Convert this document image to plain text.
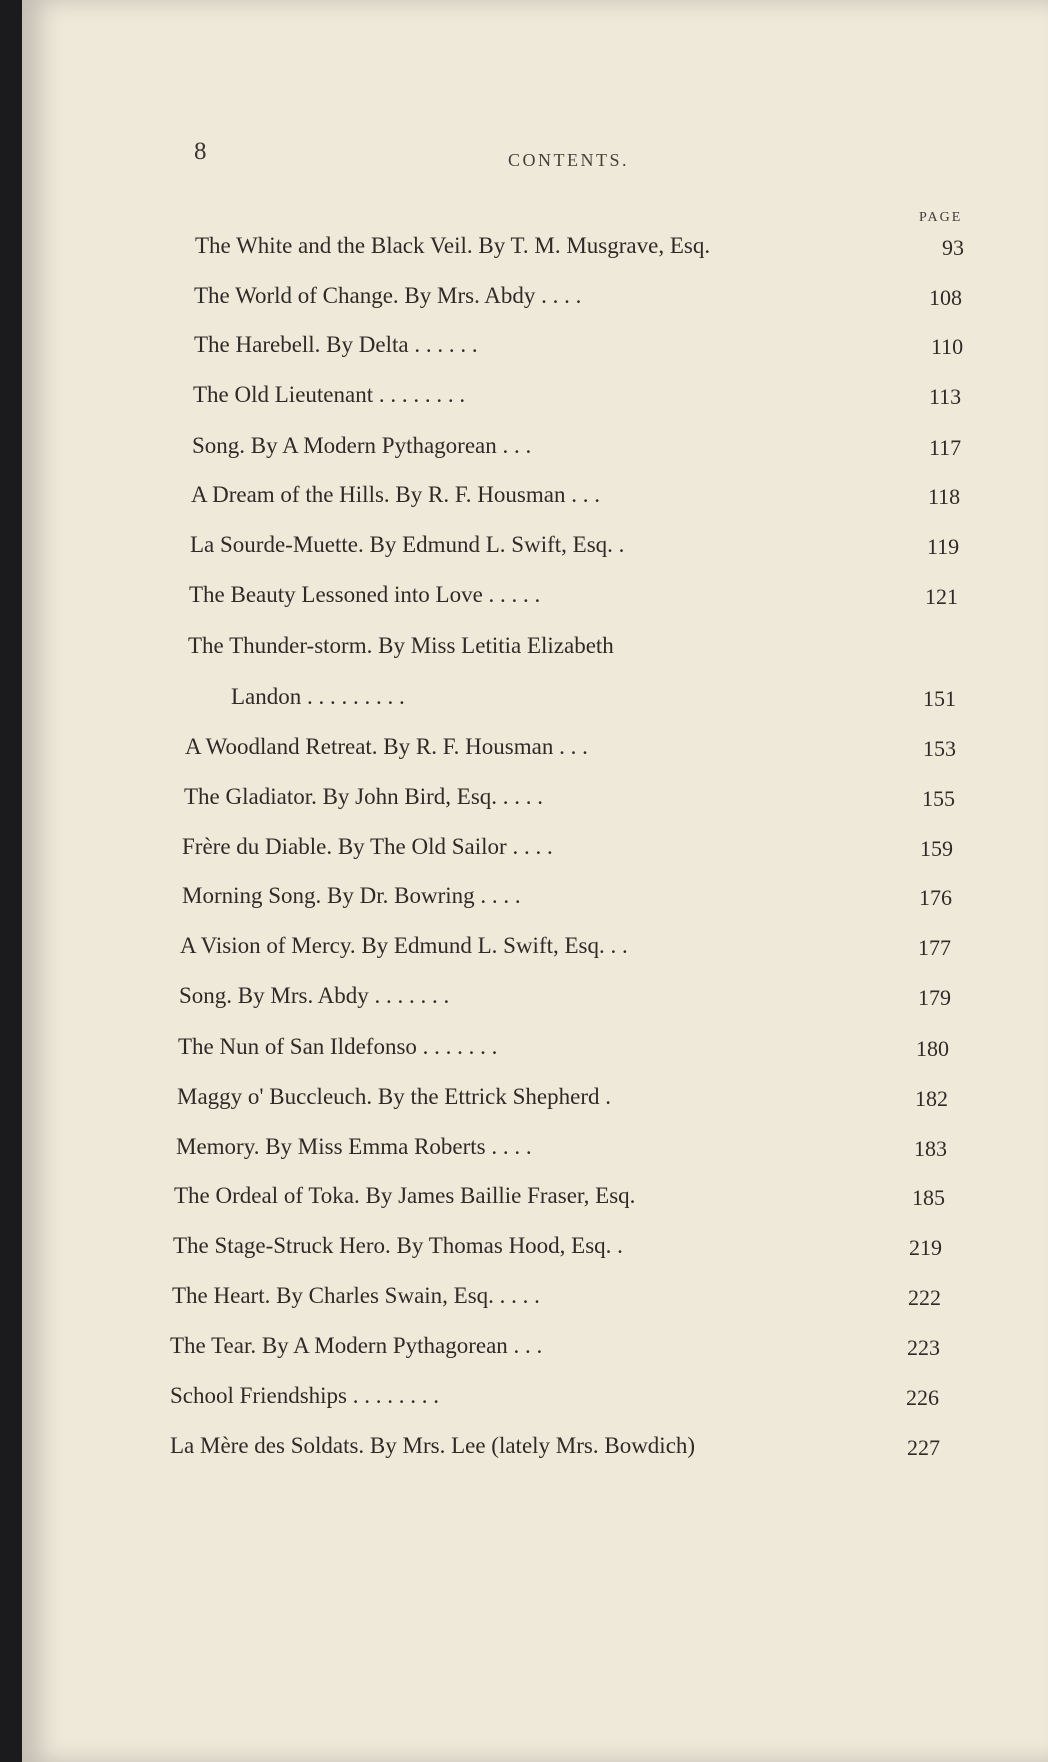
8	CONTENTS.
PAGE
The White and the Black Veil. By T. M. Musgrave, Esq.	93
The World of Change. By Mrs. Abdy . . . .	108
The Harebell. By Delta . . . . . .	110
The Old Lieutenant . . . . . . . .	113
Song. By A Modern Pythagorean . . .	117
A Dream of the Hills. By R. F. Housman . . .	118
La Sourde-Muette. By Edmund L. Swift, Esq. .	119
The Beauty Lessoned into Love . . . . .	121
The Thunder-storm. By Miss Letitia Elizabeth
Landon . . . . . . . . .	151
A Woodland Retreat. By R. F. Housman . . .	153
The Gladiator. By John Bird, Esq. . . . .	155
Frère du Diable. By The Old Sailor . . . .	159
Morning Song. By Dr. Bowring . . . .	176
A Vision of Mercy. By Edmund L. Swift, Esq. . .	177
Song. By Mrs. Abdy . . . . . . .	179
The Nun of San Ildefonso . . . . . . .	180
Maggy o' Buccleuch. By the Ettrick Shepherd .	182
Memory. By Miss Emma Roberts . . . .	183
The Ordeal of Toka. By James Baillie Fraser, Esq.	185
The Stage-Struck Hero. By Thomas Hood, Esq. .	219
The Heart. By Charles Swain, Esq. . . . .	222
The Tear. By A Modern Pythagorean . . .	223
School Friendships . . . . . . . .	226
La Mère des Soldats. By Mrs. Lee (lately Mrs. Bowdich)	227
